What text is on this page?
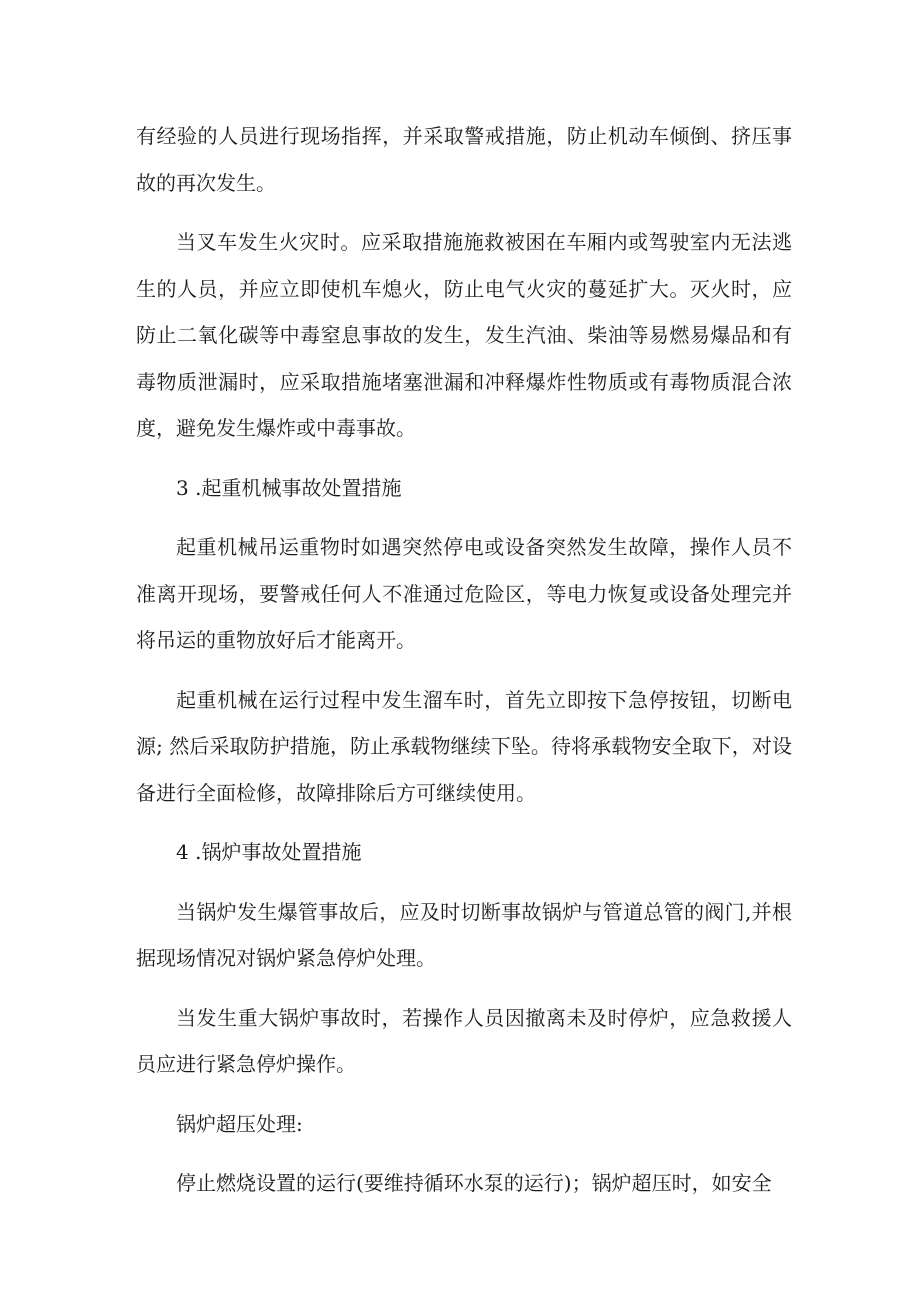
有经验的人员进行现场指挥，并采取警戒措施，防止机动车倾倒、挤压事故的再次发生。

当叉车发生火灾时。应采取措施施救被困在车厢内或驾驶室内无法逃生的人员，并应立即使机车熄火，防止电气火灾的蔓延扩大。灭火时，应防止二氧化碳等中毒窒息事故的发生，发生汽油、柴油等易燃易爆品和有毒物质泄漏时，应采取措施堵塞泄漏和冲释爆炸性物质或有毒物质混合浓度，避免发生爆炸或中毒事故。

3 .起重机械事故处置措施

起重机械吊运重物时如遇突然停电或设备突然发生故障，操作人员不准离开现场，要警戒任何人不准通过危险区，等电力恢复或设备处理完并将吊运的重物放好后才能离开。

起重机械在运行过程中发生溜车时，首先立即按下急停按钮，切断电源; 然后采取防护措施，防止承载物继续下坠。待将承载物安全取下，对设备进行全面检修，故障排除后方可继续使用。

4 .锅炉事故处置措施

当锅炉发生爆管事故后，应及时切断事故锅炉与管道总管的阀门,并根据现场情况对锅炉紧急停炉处理。

当发生重大锅炉事故时，若操作人员因撤离未及时停炉，应急救援人员应进行紧急停炉操作。

锅炉超压处理:

停止燃烧设置的运行(要维持循环水泵的运行)；锅炉超压时，如安全
